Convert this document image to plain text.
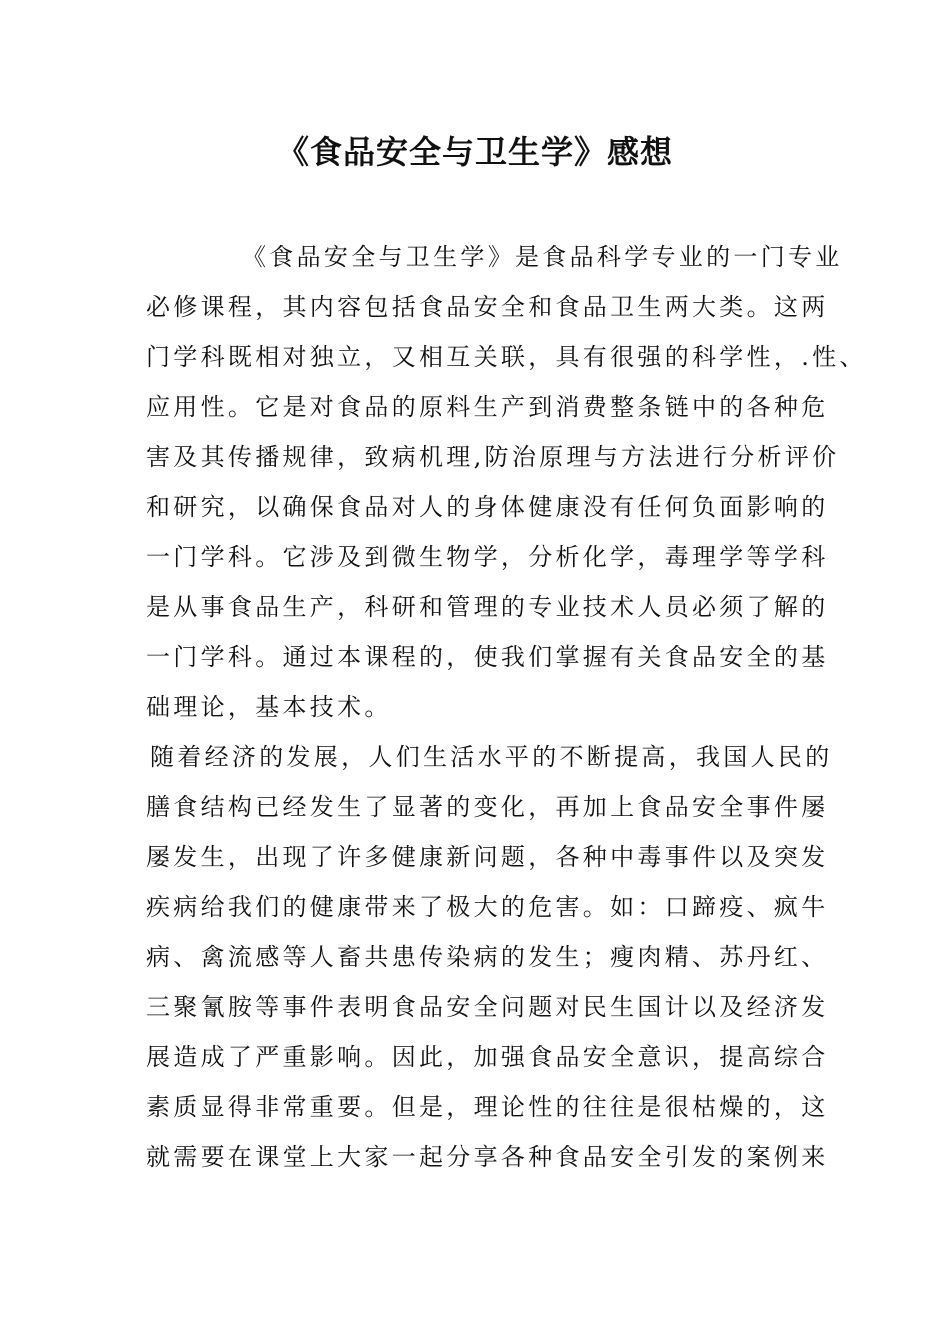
《食品安全与卫生学》感想

《食品安全与卫生学》是食品科学专业的一门专业

必修课程，其内容包括食品安全和食品卫生两大类。这两

门学科既相对独立，又相互关联，具有很强的科学性，.性、

应用性。它是对食品的原料生产到消费整条链中的各种危

害及其传播规律，致病机理,防治原理与方法进行分析评价

和研究，以确保食品对人的身体健康没有任何负面影响的

一门学科。它涉及到微生物学，分析化学，毒理学等学科

是从事食品生产，科研和管理的专业技术人员必须了解的

一门学科。通过本课程的，使我们掌握有关食品安全的基

础理论，基本技术。

随着经济的发展，人们生活水平的不断提高，我国人民的

膳食结构已经发生了显著的变化，再加上食品安全事件屡

屡发生，出现了许多健康新问题，各种中毒事件以及突发

疾病给我们的健康带来了极大的危害。如：口蹄疫、疯牛

病、禽流感等人畜共患传染病的发生；瘦肉精、苏丹红、

三聚氰胺等事件表明食品安全问题对民生国计以及经济发

展造成了严重影响。因此，加强食品安全意识，提高综合

素质显得非常重要。但是，理论性的往往是很枯燥的，这

就需要在课堂上大家一起分享各种食品安全引发的案例来
